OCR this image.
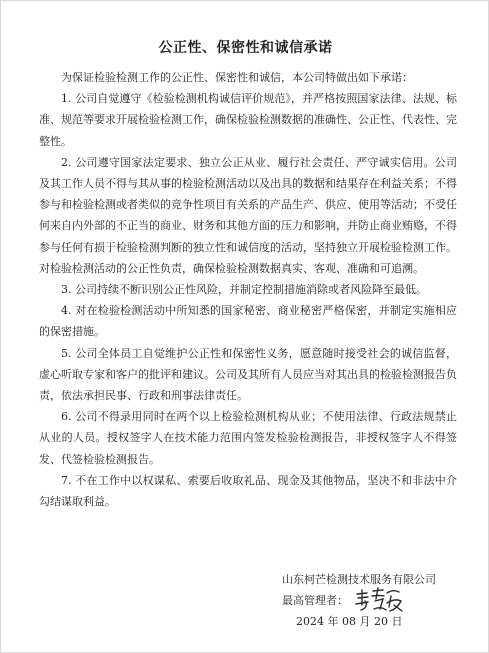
公正性、保密性和诚信承诺

为保证检验检测工作的公正性、保密性和诚信，本公司特做出如下承诺：

1. 公司自觉遵守《检验检测机构诚信评价规范》，并严格按照国家法律、法规、标准、规范等要求开展检验检测工作，确保检验检测数据的准确性、公正性、代表性、完整性。

2. 公司遵守国家法定要求、独立公正从业、履行社会责任、严守诚实信用。公司及其工作人员不得与其从事的检验检测活动以及出具的数据和结果存在利益关系；不得参与和检验检测或者类似的竞争性项目有关系的产品生产、供应、使用等活动；不受任何来自内外部的不正当的商业、财务和其他方面的压力和影响，并防止商业贿赂，不得参与任何有损于检验检测判断的独立性和诚信度的活动，坚持独立开展检验检测工作。对检验检测活动的公正性负责，确保检验检测数据真实、客观、准确和可追溯。

3. 公司持续不断识别公正性风险，并制定控制措施消除或者风险降至最低。

4. 对在检验检测活动中所知悉的国家秘密、商业秘密严格保密，并制定实施相应的保密措施。

5. 公司全体员工自觉维护公正性和保密性义务，愿意随时接受社会的诚信监督，虚心听取专家和客户的批评和建议。公司及其所有人员应当对其出具的检验检测报告负责，依法承担民事、行政和刑事法律责任。

6. 公司不得录用同时在两个以上检验检测机构从业；不使用法律、行政法规禁止从业的人员。授权签字人在技术能力范围内签发检验检测报告，非授权签字人不得签发、代签检验检测报告。

7. 不在工作中以权谋私、索要后收取礼品、现金及其他物品，坚决不和非法中介勾结谋取利益。

山东柯芒检测技术服务有限公司
最高管理者：
2024 年 08 月 20 日
